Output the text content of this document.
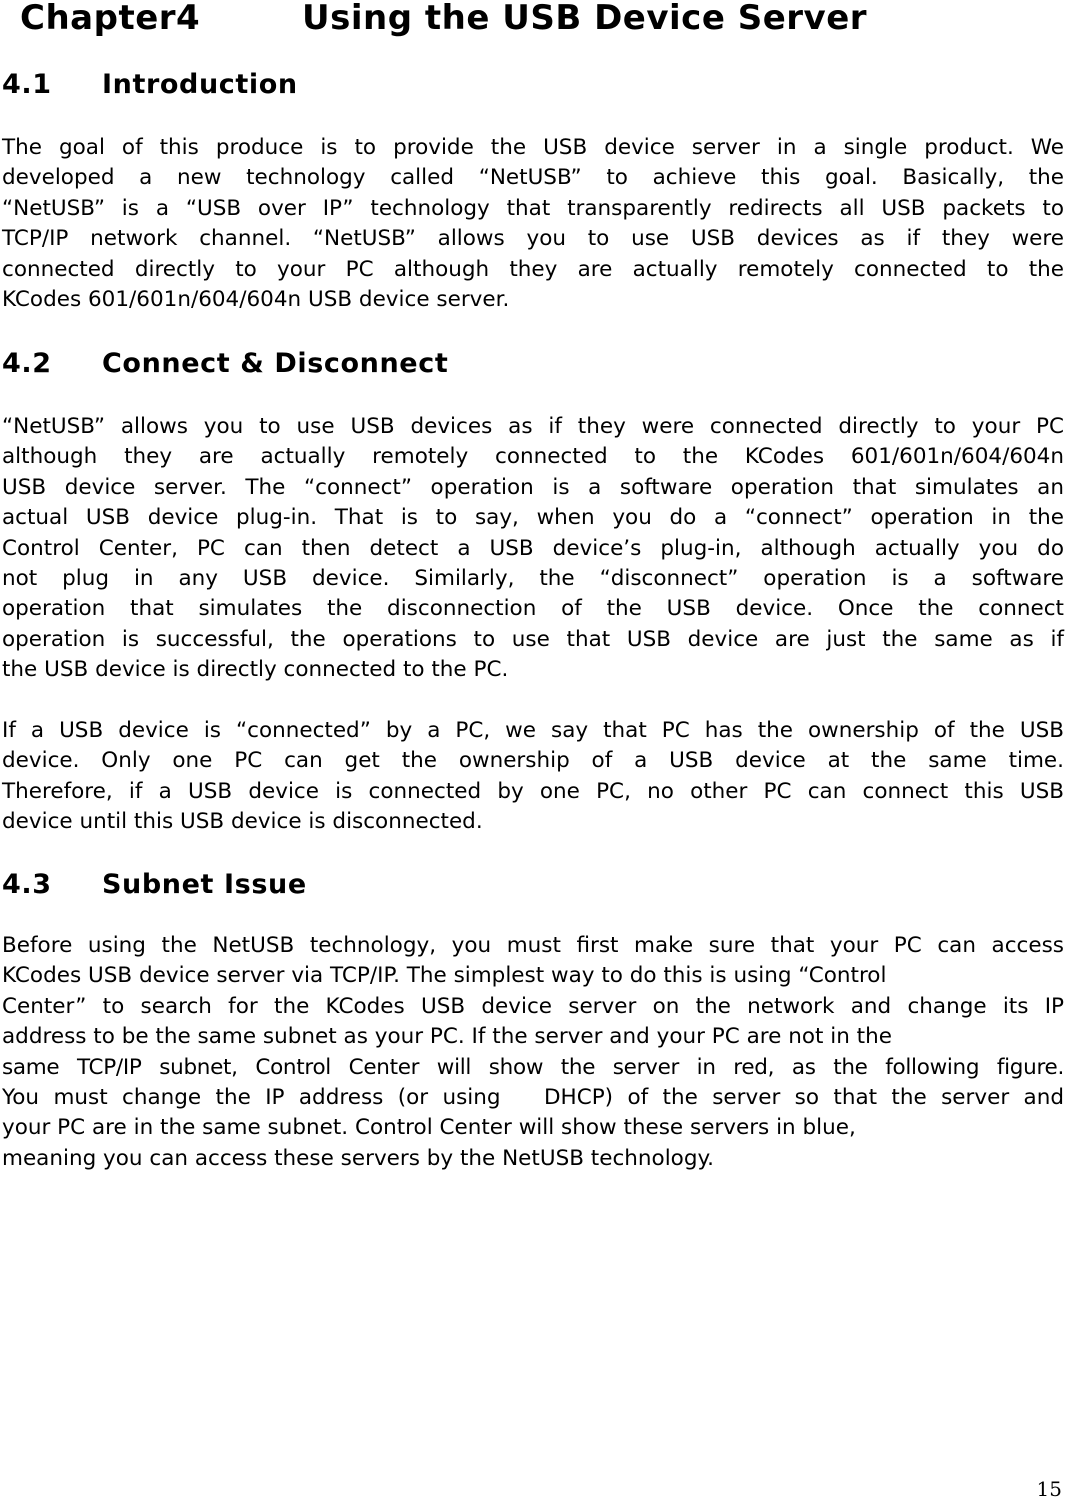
Chapter4	Using the USB Device Server
4.1 Introduction
The goal of this produce is to provide the USB device server in a single product. We
developed a new technology called “NetUSB” to achieve this goal. Basically, the
“NetUSB” is a “USB over IP” technology that transparently redirects all USB packets to
TCP/IP network channel. “NetUSB” allows you to use USB devices as if they were
connected directly to your PC although they are actually remotely connected to the
KCodes 601/601n/604/604n USB device server.
4.2 Connect & Disconnect
“NetUSB” allows you to use USB devices as if they were connected directly to your PC
although they are actually remotely connected to the KCodes 601/601n/604/604n
USB device server. The “connect” operation is a software operation that simulates an
actual USB device plug-in. That is to say, when you do a “connect” operation in the
Control Center, PC can then detect a USB device’s plug-in, although actually you do
not plug in any USB device. Similarly, the “disconnect” operation is a software
operation that simulates the disconnection of the USB device. Once the connect
operation is successful, the operations to use that USB device are just the same as if
the USB device is directly connected to the PC.
If a USB device is “connected” by a PC, we say that PC has the ownership of the USB
device. Only one PC can get the ownership of a USB device at the same time.
Therefore, if a USB device is connected by one PC, no other PC can connect this USB
device until this USB device is disconnected.
4.3 Subnet Issue
Before using the NetUSB technology, you must first make sure that your PC can access
KCodes USB device server via TCP/IP. The simplest way to do this is using “Control
Center” to search for the KCodes USB device server on the network and change its IP
address to be the same subnet as your PC. If the server and your PC are not in the
same TCP/IP subnet, Control Center will show the server in red, as the following figure.
You must change the IP address (or using 　DHCP) of the server so that the server and
your PC are in the same subnet. Control Center will show these servers in blue,
meaning you can access these servers by the NetUSB technology.
15
